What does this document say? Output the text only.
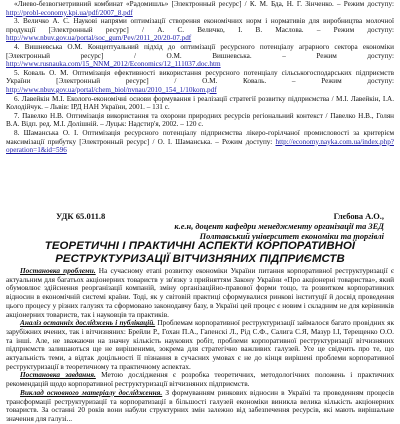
«Лиево-безвогнетривний комбинат «Радомишль» [Электронный ресурс] / К. М. Бда, Н. Г. Зінченко. – Режим доступу: http://probl-economy.kpi.ua/pdf/2007_8.pdf

3. Величко А. С. Наукові напрями оптимізації створення економічних норм і нормативів для виробництва молочної продукції [Электронный ресурс] / А. С. Величко, І. В. Маслова. – Режим доступу: http://www.nbuv.gov.ua/portal/soc_gum/Pev/2011_20/20-07.pdf

4. Вишневська О.М. Концептуальний підхід до оптимізації ресурсного потенціалу аграрного сектора економіки [Электронный ресурс] / О.М. Вишневська. – Режим доступу: http://www.rusnauka.com/15_NNM_2012/Economics/12_111037.doc.htm

5. Коваль О. М. Оптимізація ефективності використання ресурсного потенціалу сільськогосподарських підприємств України [Электронный ресурс] / О.М. Коваль. – Режим доступу: http://www.nbuv.gov.ua/portal/chem_biol/nvnau/2010_154_1/10kom.pdf

6. Лавейкін М.І. Еколого-економічні основи формування і реалізації стратегії розвитку підприємства / М.І. Лавейкін, І.А. Колодійчук. – Львів: ІРД НАН України, 2001. – 131 с.

7. Павелко Н.В. Оптимізація використання та охорони природних ресурсів регіональний контекст / Павелко Н.В., Голян В.А. Відп. ред. М.І. Долішній. – Луцьк: Надстир'я, 2002. – 120 с.

8. Шаманська О. І. Оптимізація ресурсного потенціалу підприємства лікеро-горілчаної промисловості за критерієм максимізації прибутку [Электронный ресурс] / О. І. Шаманська. – Режим доступу: http://economy.nayka.com.ua/index.php?operation=1&id=596

УДК 65.011.8	Глєбова А.О.,
к.е.н, доцент кафедри менеджменту організації та ЗЕД
Полтавський університет економіки та торгівлі
ТЕОРЕТИЧНІ І ПРАКТИЧНІ АСПЕКТИ КОРПОРАТИВНОЇ РЕСТРУКТУРИЗАЦІЇ ВІТЧИЗНЯНИХ ПІДПРИЄМСТВ

Постановка проблеми. На сучасному етапі розвитку економіки України питання корпоративної реструктуризації є актуальним для багатьох акціонерних товариств у зв'язку з прийняттям Закону України «Про акціонерні товариства», який обумовлює здійснення реорганізації компаній, зміну організаційно-правової форми тощо, та розвитком корпоративних відносин в економічній системі країни. Тоді, як у світовій практиці сформувалися ринкові інституції й досвід проведення цього процесу у різних галузях та сформовано законодавчу базу, в Україні цей процес є новим і складним не для керівників акціонерних товариств, так і науковців та практиків.

Аналіз останніх досліджень і публікацій. Проблемам корпоративної реструктуризації займалося багато провідних як зарубіжних вчених, так і вітчизняних: Брейли Р., Гохан П.А., Гапенскі Л., Рід С.Ф., Салига С.Я, Мазур І.І, Терещенко О.О. та інші. Але, не зважаючи на значну кількість наукових робіт, проблеми корпоративної реструктуризації вітчизняних підприємств залишаються ще не вирішеними, зокрема для стратегічно важливих галузей. Усе це свідчить про те, що актуальність теми, а відтак доцільності її пізнання в сучасних умовах є не до кінця вирішені проблеми корпоративної реструктуризації в теоретичному та практичному аспектах.

Постановка завдання. Метою дослідження є розробка теоретичних, методологічних положень і практичних рекомендацій щодо корпоративної реструктуризації вітчизняних підприємств.

Виклад основного матеріалу дослідження. З формуванням ринкових відносин в Україні та проведенням процесів трансформації реструктуризації та корпоратизації в більшості галузей економіки виникла велика кількість акціонерних товариств. За останні 20 років вони набули структурних змін залежно від забезпечення ресурсів, які мають вирішальне значення для галузі...
